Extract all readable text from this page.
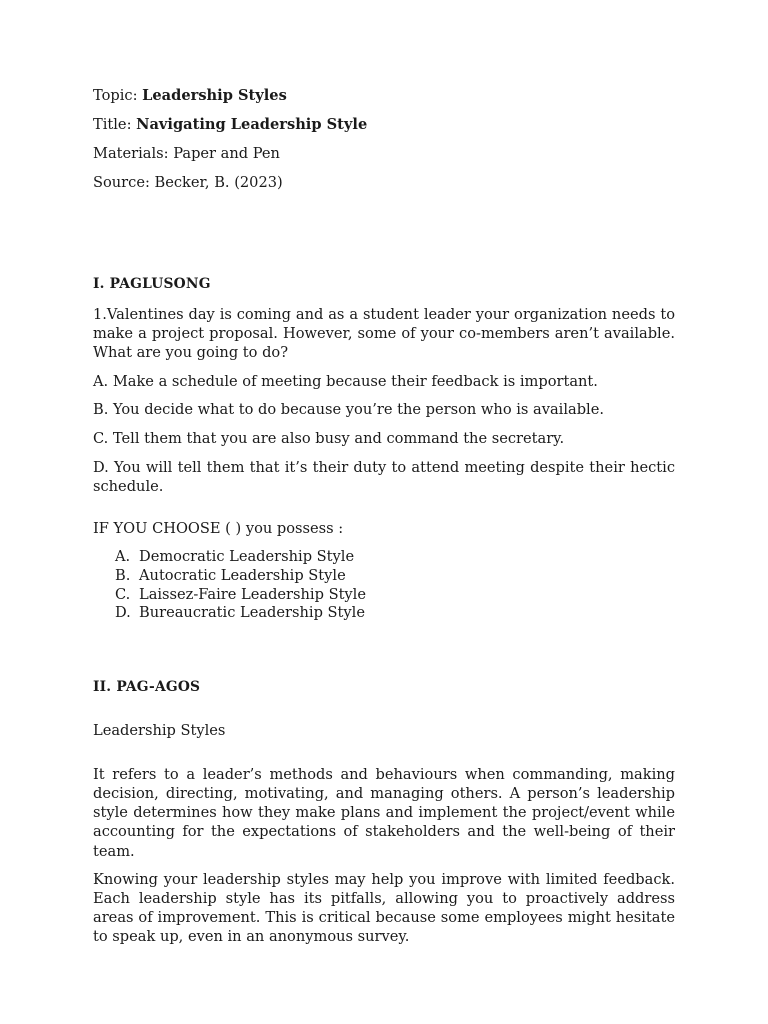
Topic: Leadership Styles

Title: Navigating Leadership Style

Materials: Paper and Pen

Source: Becker, B. (2023)

I. PAGLUSONG

1.Valentines day is coming and as a student leader your organization needs to make a project proposal. However, some of your co-members aren’t available. What are you going to do?

A. Make a schedule of meeting because their feedback is important.

B. You decide what to do because you’re the person who is available.

C. Tell them that you are also busy and command the secretary.

D. You will tell them that it’s their duty to attend meeting despite their hectic schedule.

IF YOU CHOOSE ( ) you possess :

A. Democratic Leadership Style
B. Autocratic Leadership Style
C. Laissez-Faire Leadership Style
D. Bureaucratic Leadership Style

II. PAG-AGOS

Leadership Styles

It refers to a leader’s methods and behaviours when commanding, making decision, directing, motivating, and managing others. A person’s leadership style determines how they make plans and implement the project/event while accounting for the expectations of stakeholders and the well-being of their team.

Knowing your leadership styles may help you improve with limited feedback. Each leadership style has its pitfalls, allowing you to proactively address areas of improvement. This is critical because some employees might hesitate to speak up, even in an anonymous survey.
